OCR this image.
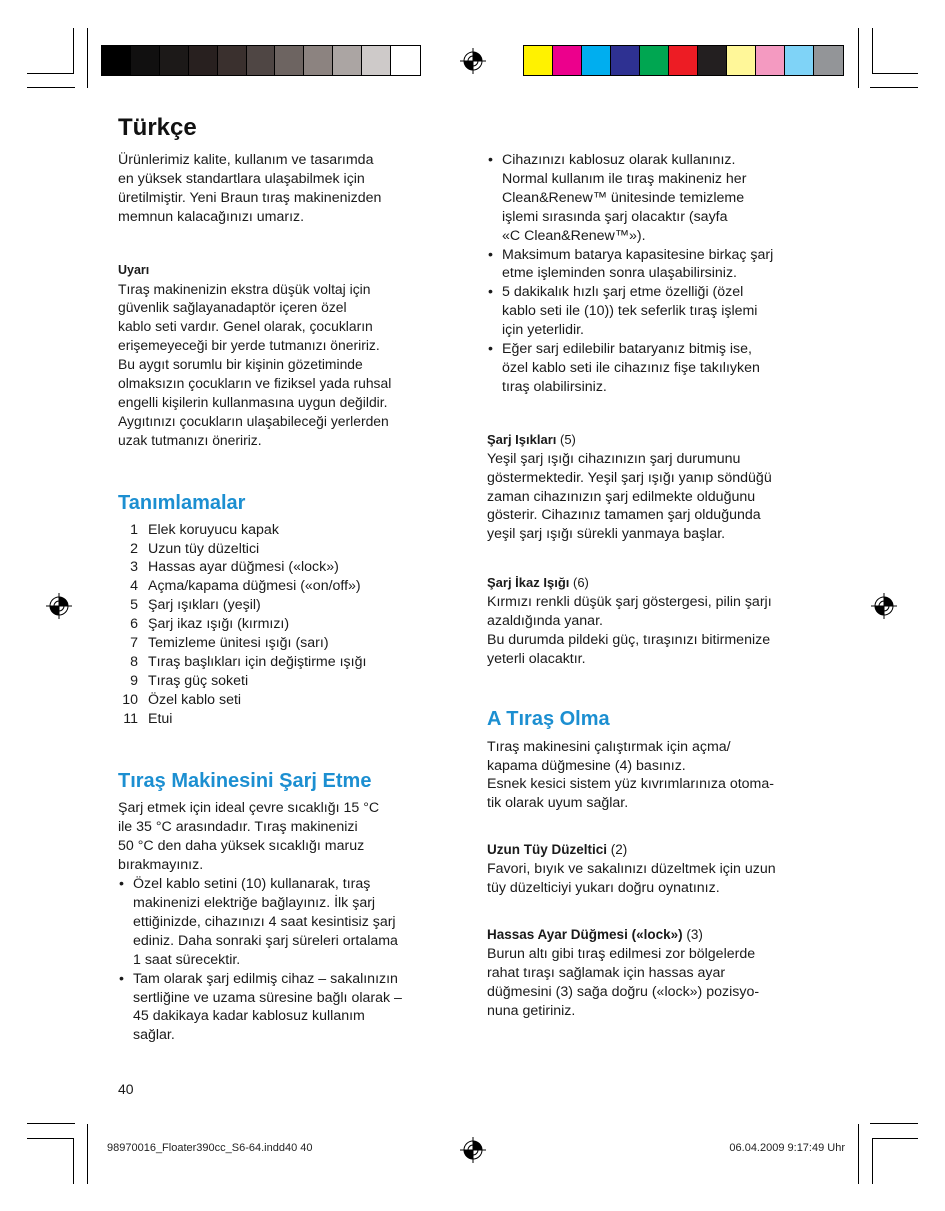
Türkçe

Ürünlerimiz kalite, kullanım ve tasarımda

en yüksek standartlara ulaşabilmek için

üretilmiştir. Yeni Braun tıraş makinenizden

memnun kalacağınızı umarız.

Uyarı

Tıraş makinenizin ekstra düşük voltaj için

güvenlik sağlayanadaptör içeren özel

kablo seti vardır. Genel olarak, çocukların

erişemeyeceği bir yerde tutmanızı öneririz.

Bu aygıt sorumlu bir kişinin gözetiminde

olmaksızın çocukların ve fiziksel yada ruhsal

engelli kişilerin kullanmasına uygun değildir.

Aygıtınızı çocukların ulaşabileceği yerlerden

uzak tutmanızı öneririz.

Tanımlamalar
1 Elek koruyucu kapak
2 Uzun tüy düzeltici
3 Hassas ayar düğmesi («lock»)
4 Açma/kapama düğmesi («on/off»)
5 Şarj ışıkları (yeşil)
6 Şarj ikaz ışığı (kırmızı)
7 Temizleme ünitesi ışığı (sarı)
8 Tıraş başlıkları için değiştirme ışığı
9 Tıraş güç soketi
10 Özel kablo seti
11 Etui
Tıraş Makinesini Şarj Etme

Şarj etmek için ideal çevre sıcaklığı 15 °C

ile 35 °C arasındadır. Tıraş makinenizi

50 °C den daha yüksek sıcaklığı maruz

bırakmayınız.

• Özel kablo setini (10) kullanarak, tıraş

makinenizi elektriğe bağlayınız. İlk şarj

ettiğinizde, cihazınızı 4 saat kesintisiz şarj

ediniz. Daha sonraki şarj süreleri ortalama

1 saat sürecektir.

• Tam olarak şarj edilmiş cihaz – sakalınızın

sertliğine ve uzama süresine bağlı olarak –

45 dakikaya kadar kablosuz kullanım

sağlar.

40

• Cihazınızı kablosuz olarak kullanınız.

Normal kullanım ile tıraş makineniz her

Clean&Renew™ ünitesinde temizleme

işlemi sırasında şarj olacaktır (sayfa

«C Clean&Renew™»).

• Maksimum batarya kapasitesine birkaç şarj

etme işleminden sonra ulaşabilirsiniz.

• 5 dakikalık hızlı şarj etme özelliği (özel

kablo seti ile (10)) tek seferlik tıraş işlemi

için yeterlidir.

• Eğer sarj edilebilir bataryanız bitmiş ise,

özel kablo seti ile cihazınız fişe takılıyken

tıraş olabilirsiniz.

Şarj Işıkları (5)

Yeşil şarj ışığı cihazınızın şarj durumunu

göstermektedir. Yeşil şarj ışığı yanıp söndüğü

zaman cihazınızın şarj edilmekte olduğunu

gösterir. Cihazınız tamamen şarj olduğunda

yeşil şarj ışığı sürekli yanmaya başlar.

Şarj İkaz Işığı (6)

Kırmızı renkli düşük şarj göstergesi, pilin şarjı

azaldığında yanar.

Bu durumda pildeki güç, tıraşınızı bitirmenize

yeterli olacaktır.

A Tıraş Olma

Tıraş makinesini çalıştırmak için açma/

kapama düğmesine (4) basınız.

Esnek kesici sistem yüz kıvrımlarınıza otoma-

tik olarak uyum sağlar.

Uzun Tüy Düzeltici (2)

Favori, bıyık ve sakalınızı düzeltmek için uzun

tüy düzelticiyi yukarı doğru oynatınız.

Hassas Ayar Düğmesi («lock») (3)

Burun altı gibi tıraş edilmesi zor bölgelerde

rahat tıraşı sağlamak için hassas ayar

düğmesini (3) sağa doğru («lock») pozisyo-

nuna getiriniz.

98970016_Floater390cc_S6-64.indd40 40	06.04.2009 9:17:49 Uhr
